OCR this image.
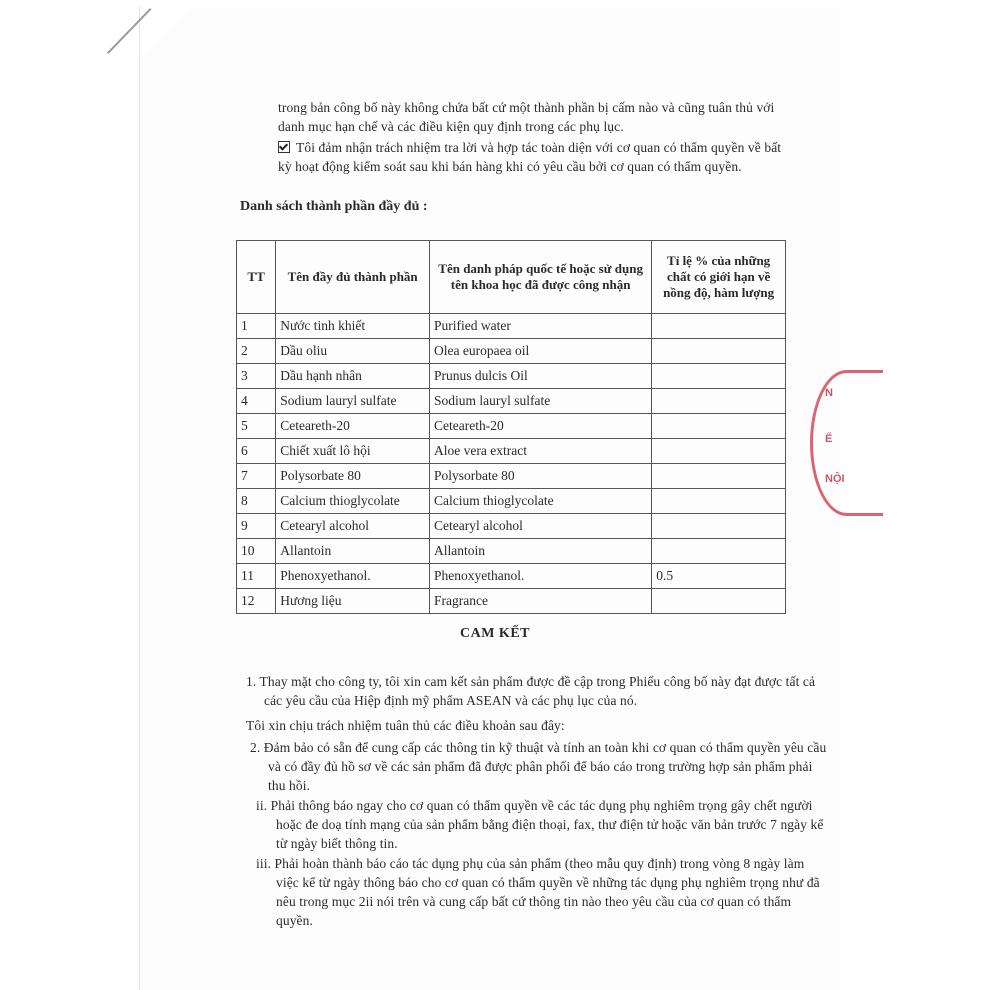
trong bản công bố này không chứa bất cứ một thành phần bị cấm nào và cũng tuân thủ với danh mục hạn chế và các điều kiện quy định trong các phụ lục.
Tôi đảm nhận trách nhiệm tra lời và hợp tác toàn diện với cơ quan có thẩm quyền về bất kỳ hoạt động kiểm soát sau khi bán hàng khi có yêu cầu bởi cơ quan có thẩm quyền.
Danh sách thành phần đầy đủ :
TT	Tên đầy đủ thành phần	Tên danh pháp quốc tế hoặc sử dụng tên khoa học đã được công nhận	Tỉ lệ % của những chất có giới hạn về nồng độ, hàm lượng
1	Nước tinh khiết	Purified water	
2	Dầu oliu	Olea europaea oil	
3	Dầu hạnh nhân	Prunus dulcis Oil	
4	Sodium lauryl sulfate	Sodium lauryl sulfate	
5	Ceteareth-20	Ceteareth-20	
6	Chiết xuất lô hội	Aloe vera extract	
7	Polysorbate 80	Polysorbate 80	
8	Calcium thioglycolate	Calcium thioglycolate	
9	Cetearyl alcohol	Cetearyl alcohol	
10	Allantoin	Allantoin	
11	Phenoxyethanol.	Phenoxyethanol.	0.5
12	Hương liệu	Fragrance	
CAM KẾT
1. Thay mặt cho công ty, tôi xin cam kết sản phẩm được đề cập trong Phiếu công bố này đạt được tất cả các yêu cầu của Hiệp định mỹ phẩm ASEAN và các phụ lục của nó.
Tôi xin chịu trách nhiệm tuân thủ các điều khoản sau đây:
2. Đảm bảo có sẵn để cung cấp các thông tin kỹ thuật và tính an toàn khi cơ quan có thẩm quyền yêu cầu và có đầy đủ hồ sơ về các sản phẩm đã được phân phối để báo cáo trong trường hợp sản phẩm phải thu hồi.
ii. Phải thông báo ngay cho cơ quan có thẩm quyền về các tác dụng phụ nghiêm trọng gây chết người hoặc đe doạ tính mạng của sản phẩm bằng điện thoại, fax, thư điện tử hoặc văn bản trước 7 ngày kể từ ngày biết thông tin.
iii. Phải hoàn thành báo cáo tác dụng phụ của sản phẩm (theo mẫu quy định) trong vòng 8 ngày làm việc kể từ ngày thông báo cho cơ quan có thẩm quyền về những tác dụng phụ nghiêm trọng như đã nêu trong mục 2ii nói trên và cung cấp bất cứ thông tin nào theo yêu cầu của cơ quan có thẩm quyền.
N
Ể
NỘI
